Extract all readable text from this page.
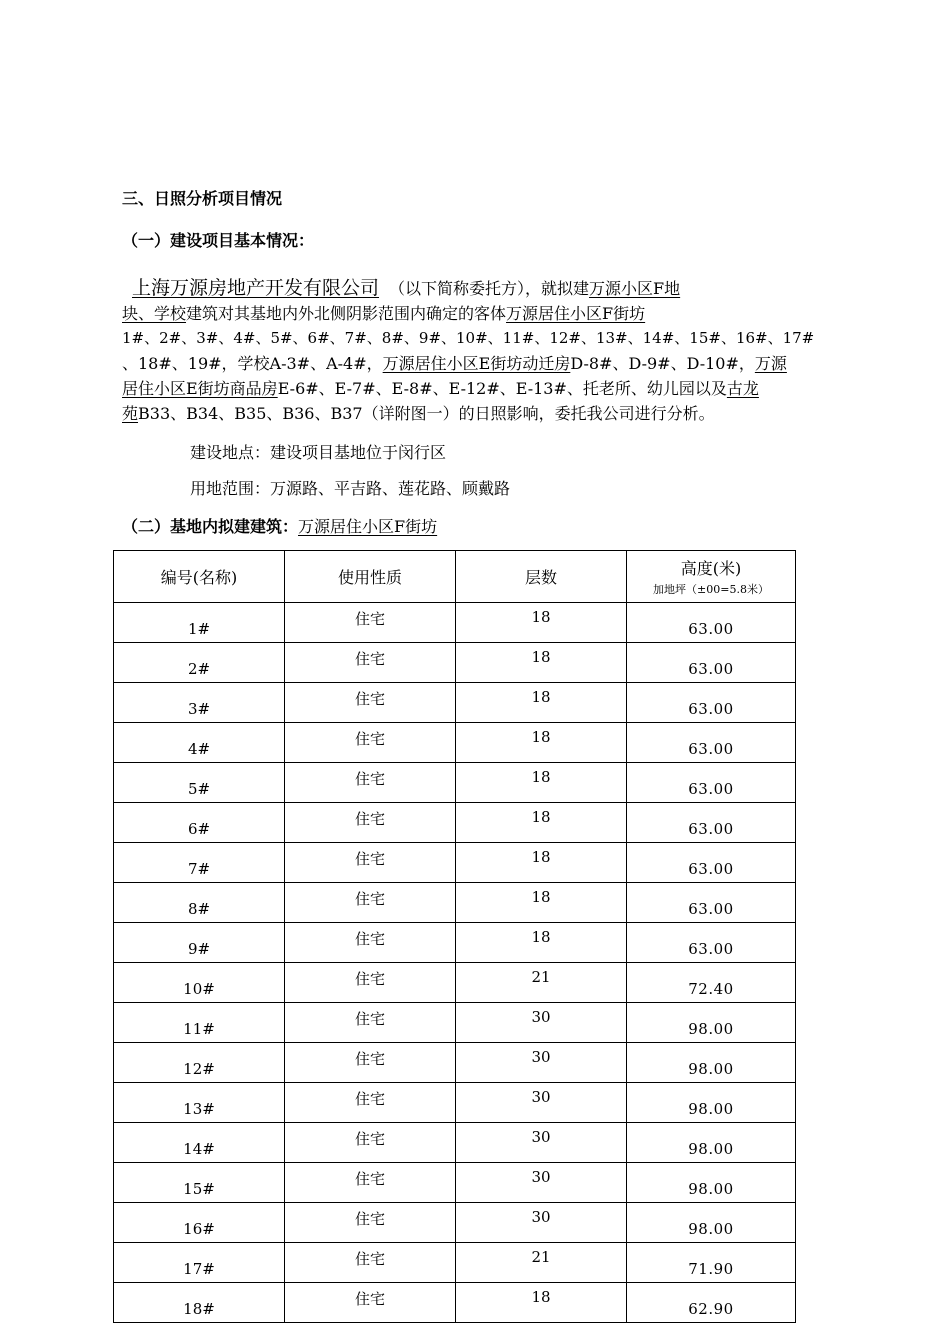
三、日照分析项目情况
（一）建设项目基本情况：
上海万源房地产开发有限公司 （以下简称委托方），就拟建万源小区F地
块、学校建筑对其基地内外北侧阴影范围内确定的客体万源居住小区F街坊
1#、2#、3#、4#、5#、6#、7#、8#、9#、10#、11#、12#、13#、14#、15#、16#、17#
、18#、19#，学校A-3#、A-4#，万源居住小区E街坊动迁房D-8#、D-9#、D-10#，万源
居住小区E街坊商品房E-6#、E-7#、E-8#、E-12#、E-13#、托老所、幼儿园以及古龙
苑B33、B34、B35、B36、B37（详附图一）的日照影响，委托我公司进行分析。
建设地点：建设项目基地位于闵行区
用地范围：万源路、平吉路、莲花路、顾戴路
（二）基地内拟建建筑：万源居住小区F街坊
编号(名称)	使用性质	层数	高度(米)
加地坪（±00=5.8米）

1#	住宅	18	63.00
2#	住宅	18	63.00
3#	住宅	18	63.00
4#	住宅	18	63.00
5#	住宅	18	63.00
6#	住宅	18	63.00
7#	住宅	18	63.00
8#	住宅	18	63.00
9#	住宅	18	63.00
10#	住宅	21	72.40
11#	住宅	30	98.00
12#	住宅	30	98.00
13#	住宅	30	98.00
14#	住宅	30	98.00
15#	住宅	30	98.00
16#	住宅	30	98.00
17#	住宅	21	71.90
18#	住宅	18	62.90
